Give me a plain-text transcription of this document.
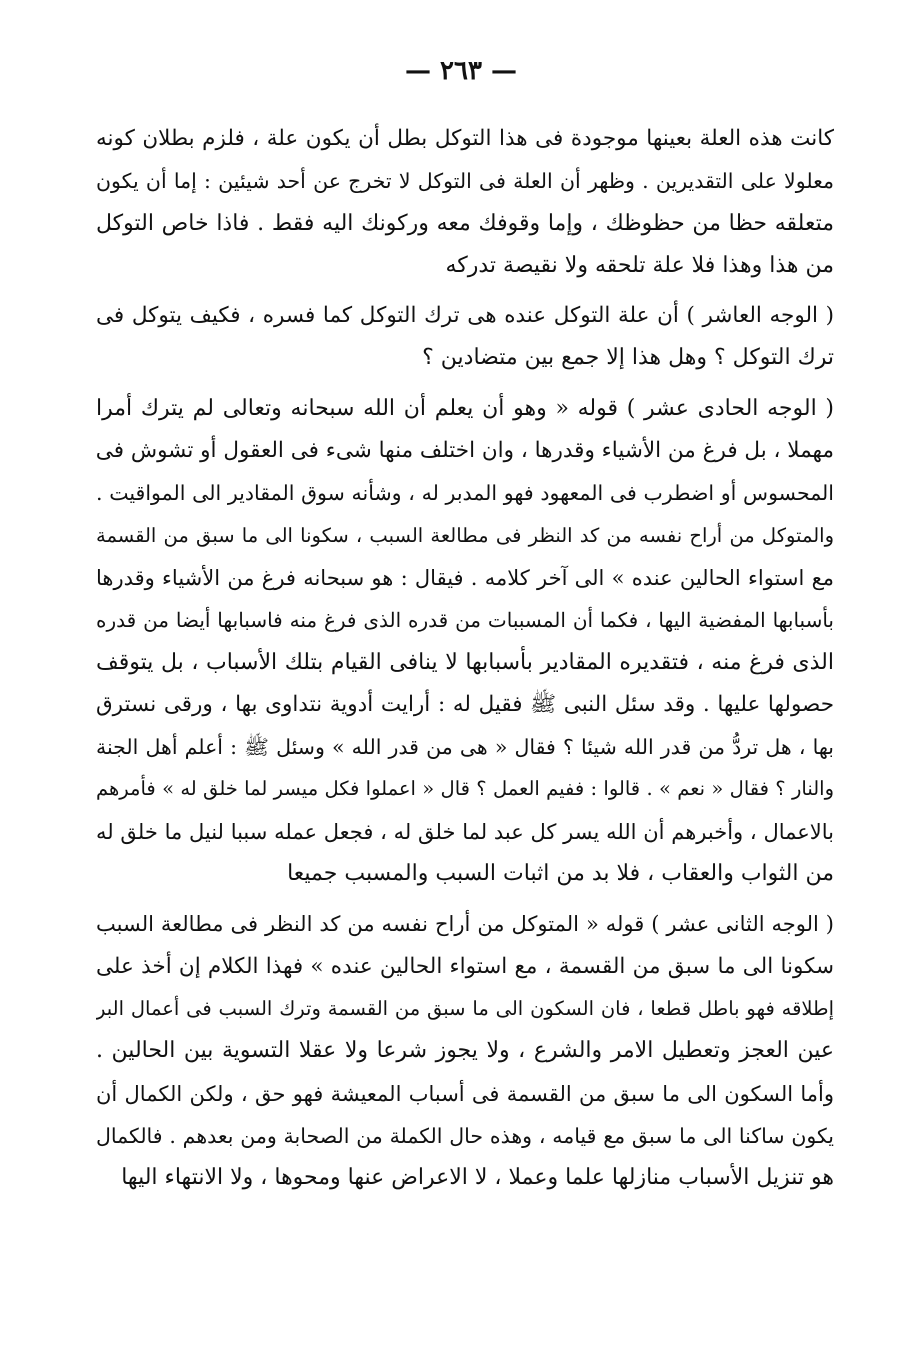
— ٢٦٣ —
كانت هذه العلة بعينها موجودة فى هذا التوكل بطل أن يكون علة ، فلزم بطلان كونه
معلولا على التقديرين . وظهر أن العلة فى التوكل لا تخرج عن أحد شيئين : إما أن يكون
متعلقه حظا من حظوظك ، وإما وقوفك معه وركونك اليه فقط . فاذا خاص التوكل
من هذا وهذا فلا علة تلحقه ولا نقيصة تدركه
( الوجه العاشر ) أن علة التوكل عنده هى ترك التوكل كما فسره ، فكيف يتوكل فى
ترك التوكل ؟ وهل هذا إلا جمع بين متضادين ؟
( الوجه الحادى عشر ) قوله « وهو أن يعلم أن الله سبحانه وتعالى لم يترك أمرا
مهملا ، بل فرغ من الأشياء وقدرها ، وان اختلف منها شىء فى العقول أو تشوش فى
المحسوس أو اضطرب فى المعهود فهو المدبر له ، وشأنه سوق المقادير الى المواقيت .
والمتوكل من أراح نفسه من كد النظر فى مطالعة السبب ، سكونا الى ما سبق من القسمة
مع استواء الحالين عنده » الى آخر كلامه . فيقال : هو سبحانه فرغ من الأشياء وقدرها
بأسبابها المفضية اليها ، فكما أن المسببات من قدره الذى فرغ منه فاسبابها أيضا من قدره
الذى فرغ منه ، فتقديره المقادير بأسبابها لا ينافى القيام بتلك الأسباب ، بل يتوقف
حصولها عليها . وقد سئل النبى ﷺ فقيل له : أرايت أدوية نتداوى بها ، ورقى نسترق
بها ، هل تردُّ من قدر الله شيئا ؟ فقال « هى من قدر الله » وسئل ﷺ : أعلم أهل الجنة
والنار ؟ فقال « نعم » . قالوا : ففيم العمل ؟ قال « اعملوا فكل ميسر لما خلق له » فأمرهم
بالاعمال ، وأخبرهم أن الله يسر كل عبد لما خلق له ، فجعل عمله سببا لنيل ما خلق له
من الثواب والعقاب ، فلا بد من اثبات السبب والمسبب جميعا
( الوجه الثانى عشر ) قوله « المتوكل من أراح نفسه من كد النظر فى مطالعة السبب
سكونا الى ما سبق من القسمة ، مع استواء الحالين عنده » فهذا الكلام إن أخذ على
إطلاقه فهو باطل قطعا ، فان السكون الى ما سبق من القسمة وترك السبب فى أعمال البر
عين العجز وتعطيل الامر والشرع ، ولا يجوز شرعا ولا عقلا التسوية بين الحالين .
وأما السكون الى ما سبق من القسمة فى أسباب المعيشة فهو حق ، ولكن الكمال أن
يكون ساكنا الى ما سبق مع قيامه ، وهذه حال الكملة من الصحابة ومن بعدهم . فالكمال
هو تنزيل الأسباب منازلها علما وعملا ، لا الاعراض عنها ومحوها ، ولا الانتهاء اليها
